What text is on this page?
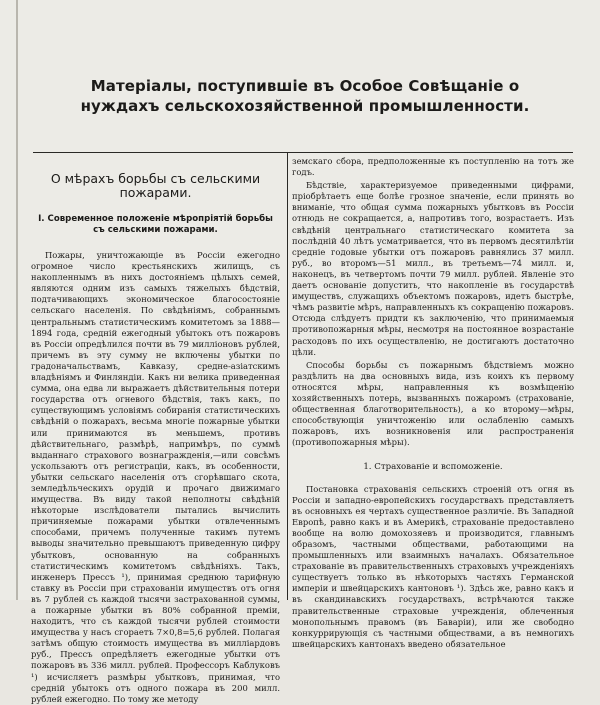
Матеріалы, поступившіе въ Особое Совѣщаніе о нуждахъ сельскохозяйственной промышленности.
О мѣрахъ борьбы съ сельскими пожарами.
I. Современное положеніе мѣропріятій борьбы съ сельскими пожарами.

Пожары, уничтожающіе въ Россіи ежегодно огромное число крестьянскихъ жилищъ, съ накопленнымъ въ нихъ достояніемъ цѣлыхъ семей, являются одним изъ самыхъ тяжелыхъ бѣдствій, подтачивающихъ экономическое благосостояніе сельскаго населенія. По свѣдѣніямъ, собраннымъ центральнымъ статистическимъ комитетомъ за 1888—1894 года, средній ежегодный убытокъ отъ пожаровъ въ Россіи опредѣлился почти въ 79 милліоновъ рублей, причемъ въ эту сумму не включены убытки по градоначальствамъ, Кавказу, средне-азіатскимъ владѣніямъ и Финляндіи. Какъ ни велика приведенная сумма, она едва ли выражаетъ дѣйствительныя потери государства отъ огневого бѣдствія, такъ какъ, по существующимъ условіямъ собиранія статистическихъ свѣдѣній о пожарахъ, весьма многіе пожарные убытки или принимаются въ меньшемъ, противъ дѣйствительнаго, размѣрѣ, напримѣръ, по суммѣ выданнаго страхового вознагражденія,—или совсѣмъ ускользаютъ отъ регистраціи, какъ, въ особенности, убытки сельскаго населенія отъ сгорѣвшаго скота, земледѣльческихъ орудій и прочаго движимаго имущества. Въ виду такой неполноты свѣдѣній нѣкоторые изслѣдователи пытались вычислить причиняемые пожарами убытки отвлеченнымъ способами, причемъ полученные такимъ путемъ выводы значительно превышаютъ приведенную цифру убытковъ, основанную на собранныхъ статистическимъ комитетомъ свѣдѣніяхъ. Такъ, инженеръ Прессъ ¹), принимая среднюю тарифную ставку въ Россіи при страхованіи имуществъ отъ огня въ 7 рублей съ каждой тысячи застрахованной суммы, а пожарные убытки въ 80% собранной преміи, находитъ, что съ каждой тысячи рублей стоимости имущества у насъ сгораетъ 7×0,8=5,6 рублей. Полагая затѣмъ общую стоимость имущества въ милліардовъ руб., Прессъ опредѣляетъ ежегодные убытки отъ пожаровъ въ 336 милл. рублей. Профессоръ Каблуковъ ¹) исчисляетъ размѣры убытковъ, принимая, что средній убытокъ отъ одного пожара въ 200 милл. рублей ежегодно. По тому же методу

земскаго сбора, предположенные къ поступленію на тотъ же годъ.

Бѣдствіе, характеризуемое приведенными цифрами, пріобрѣтаетъ еще болѣе грозное значеніе, если принять во вниманіе, что общая сумма пожарныхъ убытковъ въ Россіи отнюдь не сокращается, а, напротивъ того, возрастаетъ. Изъ свѣдѣній центральнаго статистическаго комитета за послѣдній 40 лѣтъ усматривается, что въ первомъ десятилѣтіи средніе годовые убытки отъ пожаровъ равнялись 37 милл. руб., во второмъ—51 милл., въ третьемъ—74 милл. и, наконецъ, въ четвертомъ почти 79 милл. рублей. Явленіе это даетъ основаніе допустить, что накопленіе въ государствѣ имуществъ, служащихъ объектомъ пожаровъ, идетъ быстрѣе, чѣмъ развитіе мѣръ, направленныхъ къ сокращенію пожаровъ. Отсюда слѣдуетъ придти къ заключенію, что принимаемыя противопожарныя мѣры, несмотря на постоянное возрастаніе расходовъ по ихъ осуществленію, не достигаютъ достаточно цѣли.

Способы борьбы съ пожарнымъ бѣдствіемъ можно раздѣлить на два основныхъ вида, изъ коихъ къ первому относятся мѣры, направленныя къ возмѣщенію хозяйственныхъ потерь, вызванныхъ пожаромъ (страхованіе, общественная благотворительность), а ко второму—мѣры, способствующія уничтоженію или ослабленію самыхъ пожаровъ, ихъ возникновенія или распространенія (противопожарныя мѣры).

1. Страхованіе и вспоможеніе.

Постановка страхованія сельскихъ строеній отъ огня въ Россіи и западно-европейскихъ государствахъ представляетъ въ основныхъ ея чертахъ существенное различіе. Въ Западной Европѣ, равно какъ и въ Америкѣ, страхованіе предоставлено вообще на волю домохозяевъ и производится, главнымъ образомъ, частными обществами, работающими на промышленныхъ или взаимныхъ началахъ. Обязательное страхованіе въ правительственныхъ страховыхъ учрежденіяхъ существуетъ только въ нѣкоторыхъ частяхъ Германской имперіи и швейцарскихъ кантоновъ ¹). Здѣсь же, равно какъ и въ скандинавскихъ государствахъ, встрѣчаются также правительственные страховые учрежденія, облеченныя монопольнымъ правомъ (въ Баваріи), или же свободно конкуррирующія съ частными обществами, а въ немногихъ швейцарскихъ кантонахъ введено обязательное
